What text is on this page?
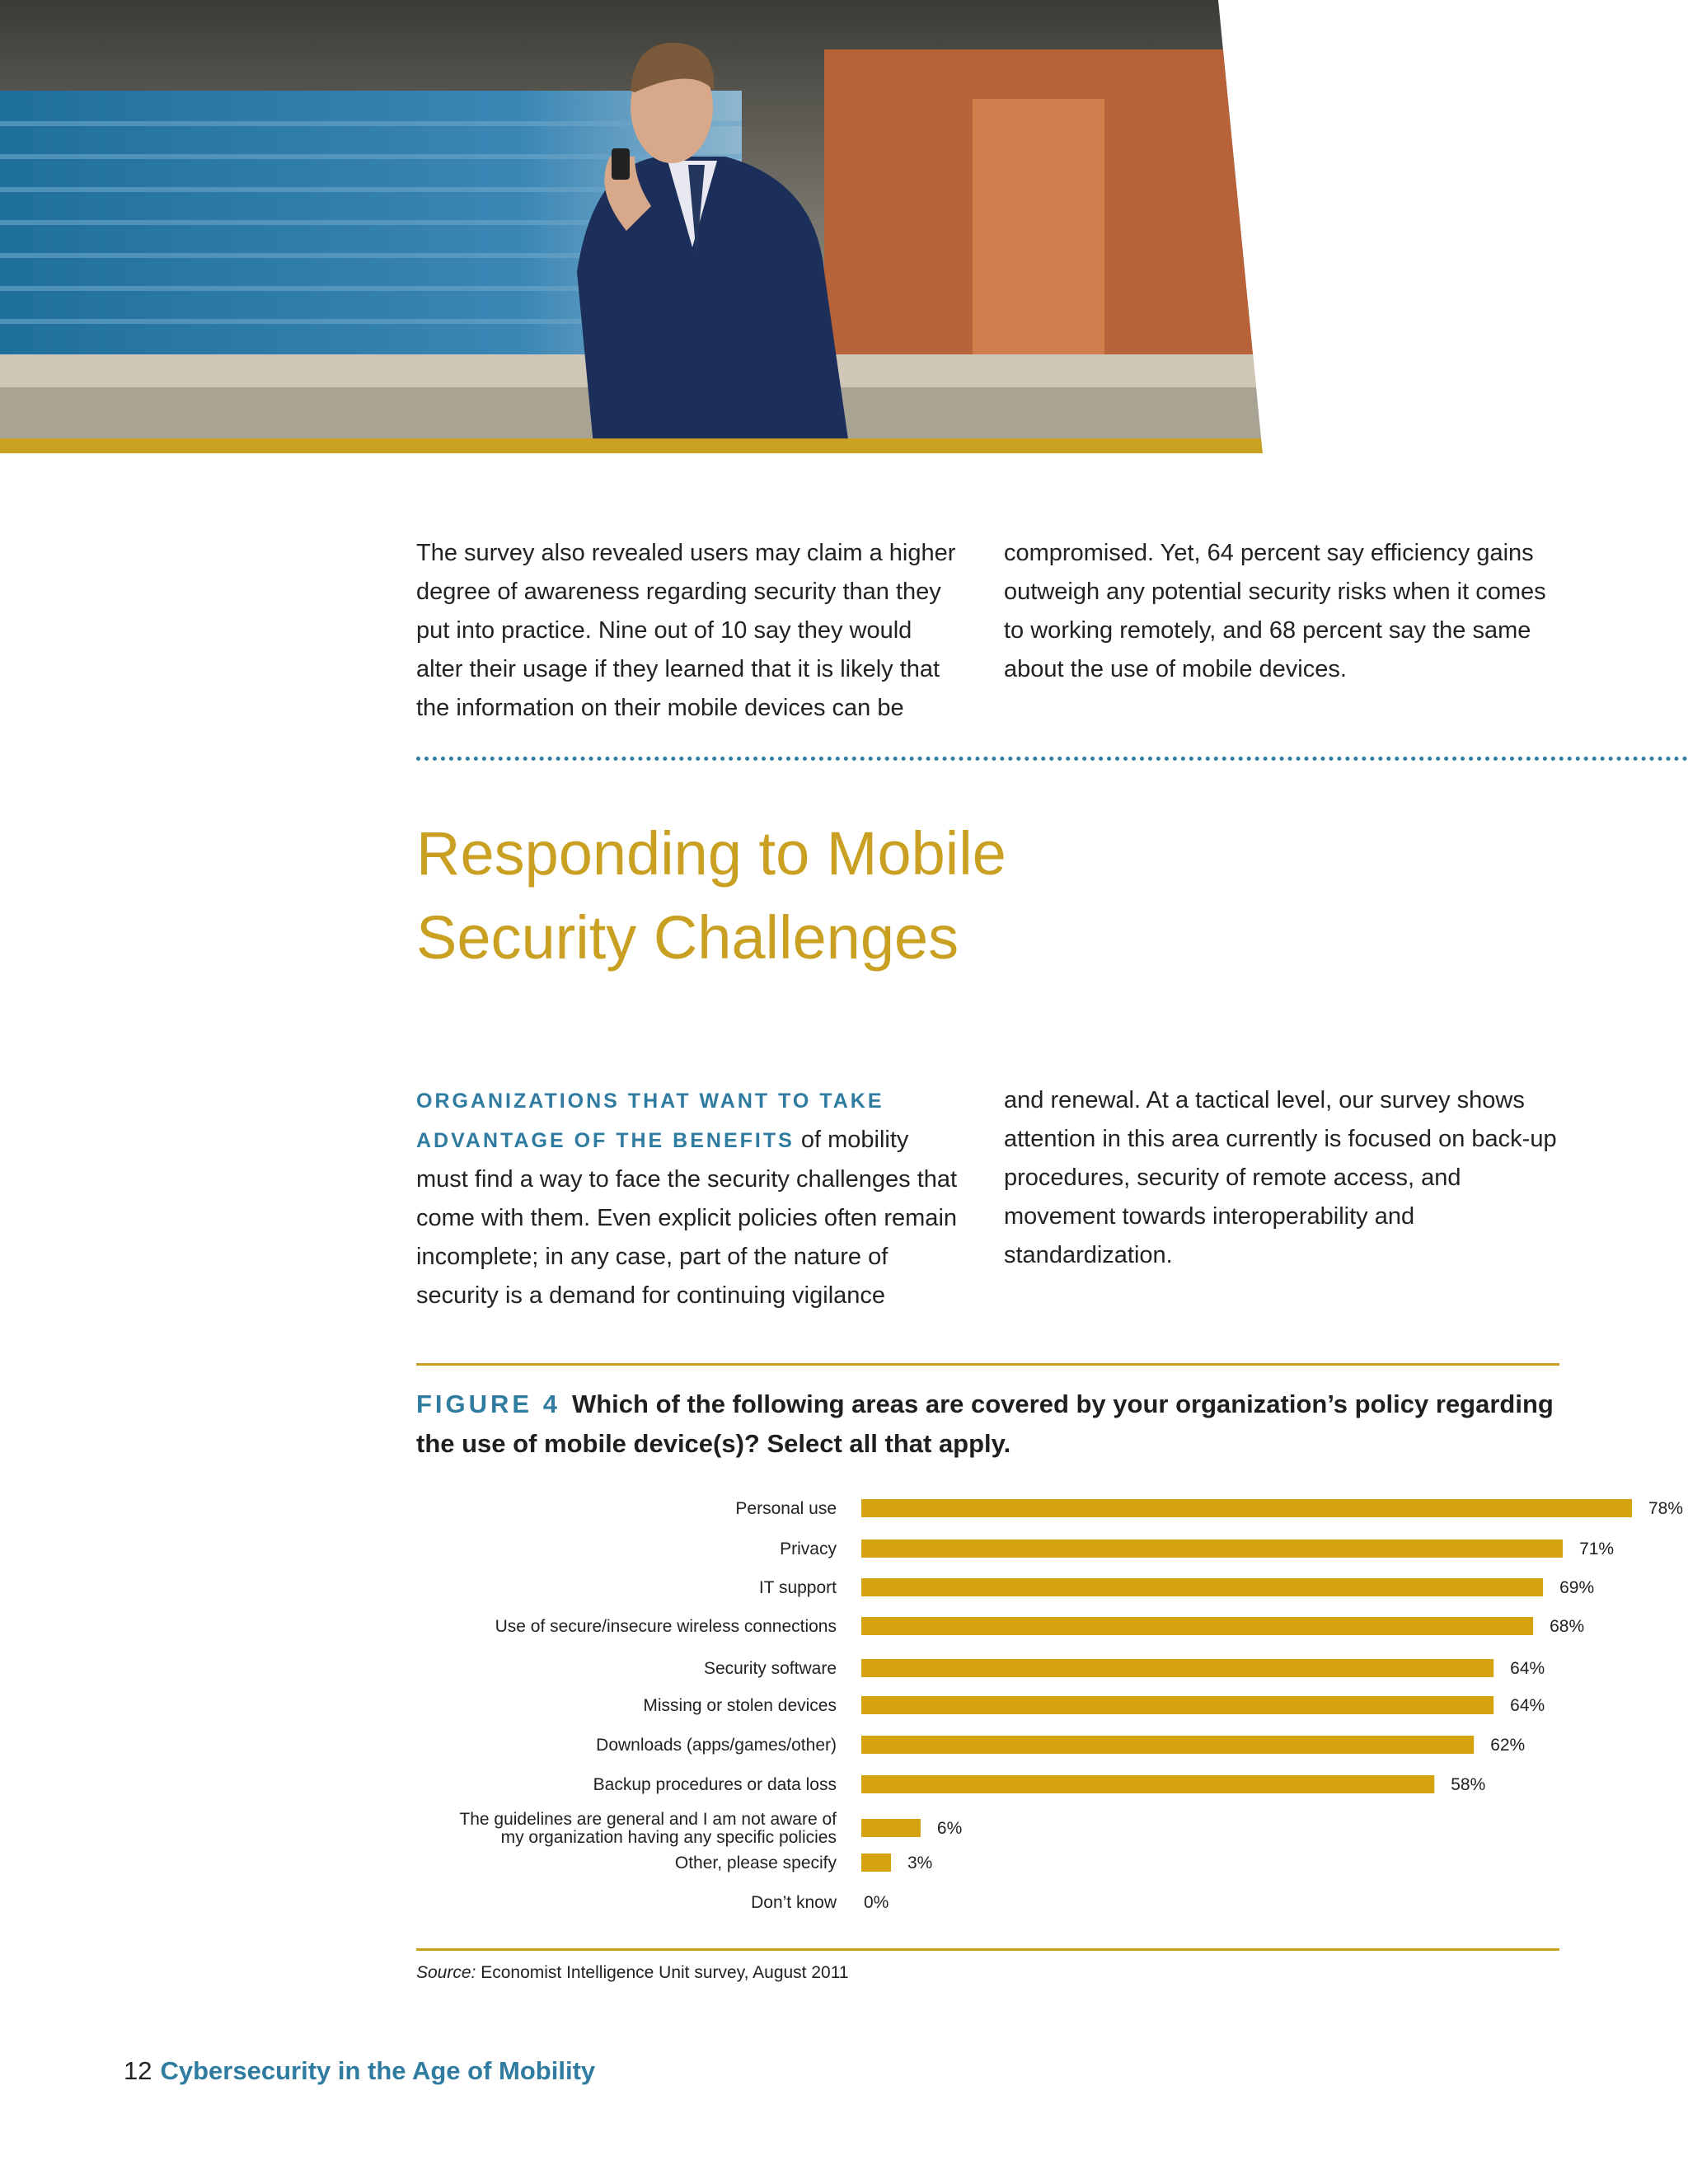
The survey also revealed users may claim a higher degree of awareness regarding security than they put into practice. Nine out of 10 say they would alter their usage if they learned that it is likely that the information on their mobile devices can be

compromised. Yet, 64 percent say efficiency gains outweigh any potential security risks when it comes to working remotely, and 68 percent say the same about the use of mobile devices.

Responding to Mobile Security Challenges

ORGANIZATIONS THAT WANT TO TAKE ADVANTAGE OF THE BENEFITS of mobility must find a way to face the security challenges that come with them. Even explicit policies often remain incomplete; in any case, part of the nature of security is a demand for continuing vigilance

and renewal. At a tactical level, our survey shows attention in this area currently is focused on back-up procedures, security of remote access, and movement towards interoperability and standardization.

FIGURE 4 Which of the following areas are covered by your organization’s policy regarding the use of mobile device(s)? Select all that apply.

78%
Personal use
71%
Privacy
69%
IT support
68%
Use of secure/insecure wireless connections
64%
Security software
64%
Missing or stolen devices
62%
Downloads (apps/games/other)
58%
Backup procedures or data loss
6%
The guidelines are general and I am not aware of my organization having any specific policies
3%
Other, please specify
0%
Don’t know
Source: Economist Intelligence Unit survey, August 2011
12 Cybersecurity in the Age of Mobility
